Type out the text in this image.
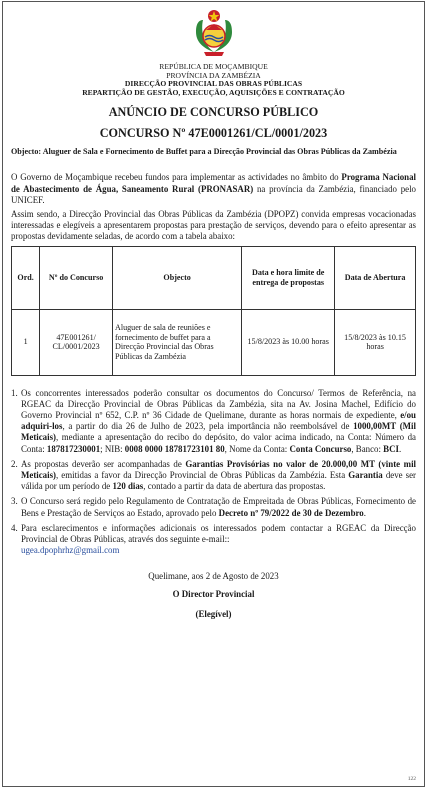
REPÚBLICA DE MOÇAMBIQUE
PROVÍNCIA DA ZAMBÉZIA
DIRECÇÃO PROVINCIAL DAS OBRAS PÚBLICAS
REPARTIÇÃO DE GESTÃO, EXECUÇÃO, AQUISIÇÕES E CONTRATAÇÃO
ANÚNCIO DE CONCURSO PÚBLICO
CONCURSO Nº 47E0001261/CL/0001/2023
Objecto: Aluguer de Sala e Fornecimento de Buffet para a Direcção Provincial das Obras Públicas da Zambézia

O Governo de Moçambique recebeu fundos para implementar as actividades no âmbito do Programa Nacional de Abastecimento de Água, Saneamento Rural (PRONASAR) na província da Zambézia, financiado pelo UNICEF.

Assim sendo, a Direcção Provincial das Obras Públicas da Zambézia (DPOPZ) convida empresas vocacionadas interessadas e elegíveis a apresentarem propostas para prestação de serviços, devendo para o efeito apresentar as propostas devidamente seladas, de acordo com a tabela abaixo:

Ord.	Nº do Concurso	Objecto	Data e hora limite de entrega de propostas	Data de Abertura
1	47E001261/ CL/0001/2023	Aluguer de sala de reuniões e fornecimento de buffet para a Direcção Provincial das Obras Públicas da Zambézia	15/8/2023 às 10.00 horas	15/8/2023 às 10.15 horas
1. Os concorrentes interessados poderão consultar os documentos do Concurso/ Termos de Referência, na RGEAC da Direcção Provincial de Obras Públicas da Zambézia, sita na Av. Josina Machel, Edifício do Governo Provincial nº 652, C.P. nº 36 Cidade de Quelimane, durante as horas normais de expediente, e/ou adquiri-los, a partir do dia 26 de Julho de 2023, pela importância não reembolsável de 1000,00MT (Mil Meticais), mediante a apresentação do recibo do depósito, do valor acima indicado, na Conta: Número da Conta: 187817230001; NIB: 0008 0000 18781723101 80, Nome da Conta: Conta Concurso, Banco: BCI.
2. As propostas deverão ser acompanhadas de Garantias Provisórias no valor de 20.000,00 MT (vinte mil Meticais), emitidas a favor da Direcção Provincial de Obras Públicas da Zambézia. Esta Garantia deve ser válida por um período de 120 dias, contado a partir da data de abertura das propostas.
3. O Concurso será regido pelo Regulamento de Contratação de Empreitada de Obras Públicas, Fornecimento de Bens e Prestação de Serviços ao Estado, aprovado pelo Decreto nº 79/2022 de 30 de Dezembro.
4. Para esclarecimentos e informações adicionais os interessados podem contactar a RGEAC da Direcção Provincial de Obras Públicas, através dos seguinte e-mail::
ugea.dpophrhz@gmail.com
Quelimane, aos 2 de Agosto de 2023
O Director Provincial
(Elegível)
122
